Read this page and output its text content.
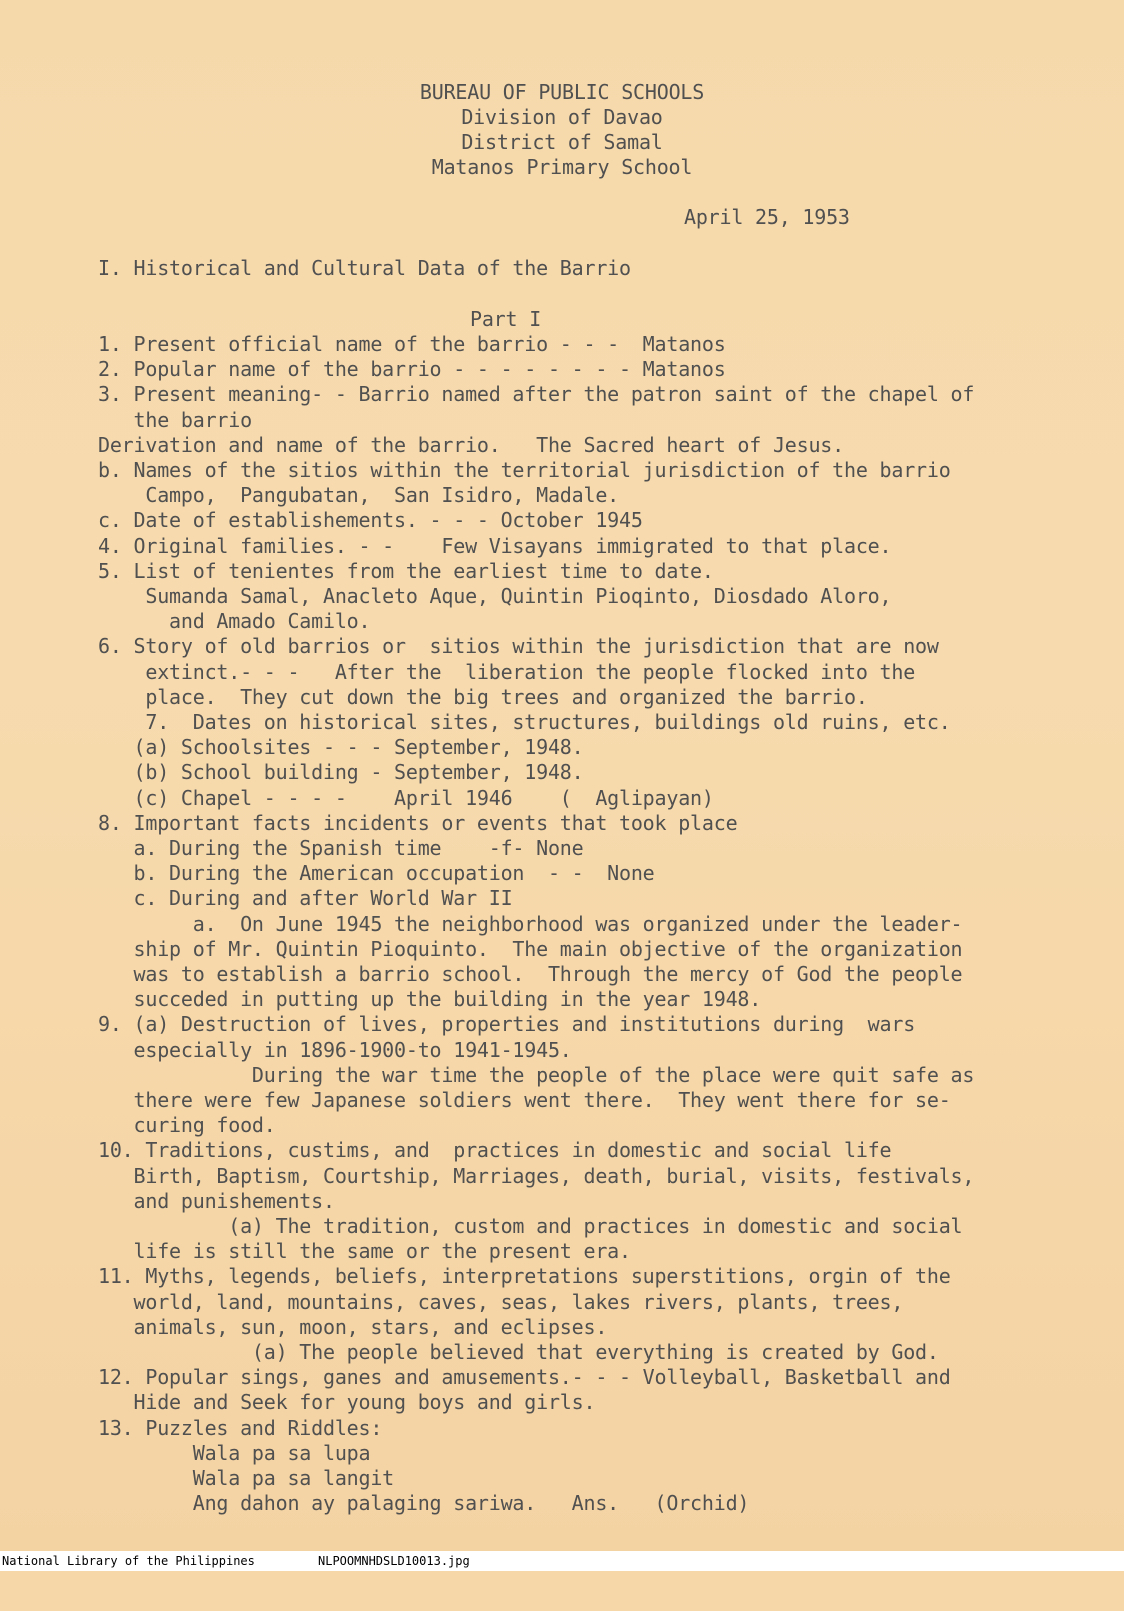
BUREAU OF PUBLIC SCHOOLS
Division of Davao
District of Samal
Matanos Primary School
April 25, 1953
I. Historical and Cultural Data of the Barrio
Part I
1. Present official name of the barrio - - -  Matanos
2. Popular name of the barrio - - - - - - - - Matanos
3. Present meaning- - Barrio named after the patron saint of the chapel of
the barrio
Derivation and name of the barrio.   The Sacred heart of Jesus.
b. Names of the sitios within the territorial jurisdiction of the barrio
Campo,  Pangubatan,  San Isidro, Madale.
c. Date of establishements. - - - October 1945
4. Original families. - -    Few Visayans immigrated to that place.
5. List of tenientes from the earliest time to date.
Sumanda Samal, Anacleto Aque, Quintin Pioqinto, Diosdado Aloro,
and Amado Camilo.
6. Story of old barrios or  sitios within the jurisdiction that are now
extinct.- - -   After the  liberation the people flocked into the
place.  They cut down the big trees and organized the barrio.
7.  Dates on historical sites, structures, buildings old ruins, etc.
(a) Schoolsites - - - September, 1948.
(b) School building - September, 1948.
(c) Chapel - - - -    April 1946    (  Aglipayan)
8. Important facts incidents or events that took place
a. During the Spanish time    -f- None
b. During the American occupation  - -  None
c. During and after World War II
a.  On June 1945 the neighborhood was organized under the leader-
ship of Mr. Quintin Pioquinto.  The main objective of the organization
was to establish a barrio school.  Through the mercy of God the people
succeded in putting up the building in the year 1948.
9. (a) Destruction of lives, properties and institutions during  wars
especially in 1896-1900-to 1941-1945.
During the war time the people of the place were quit safe as
there were few Japanese soldiers went there.  They went there for se-
curing food.
10. Traditions, custims, and  practices in domestic and social life
Birth, Baptism, Courtship, Marriages, death, burial, visits, festivals,
and punishements.
(a) The tradition, custom and practices in domestic and social
life is still the same or the present era.
11. Myths, legends, beliefs, interpretations superstitions, orgin of the
world, land, mountains, caves, seas, lakes rivers, plants, trees,
animals, sun, moon, stars, and eclipses.
(a) The people believed that everything is created by God.
12. Popular sings, ganes and amusements.- - - Volleyball, Basketball and
Hide and Seek for young boys and girls.
13. Puzzles and Riddles:
Wala pa sa lupa
Wala pa sa langit
Ang dahon ay palaging sariwa.   Ans.   (Orchid)

National Library of the Philippines

	NLPOOMNHDSLD10013.jpg
